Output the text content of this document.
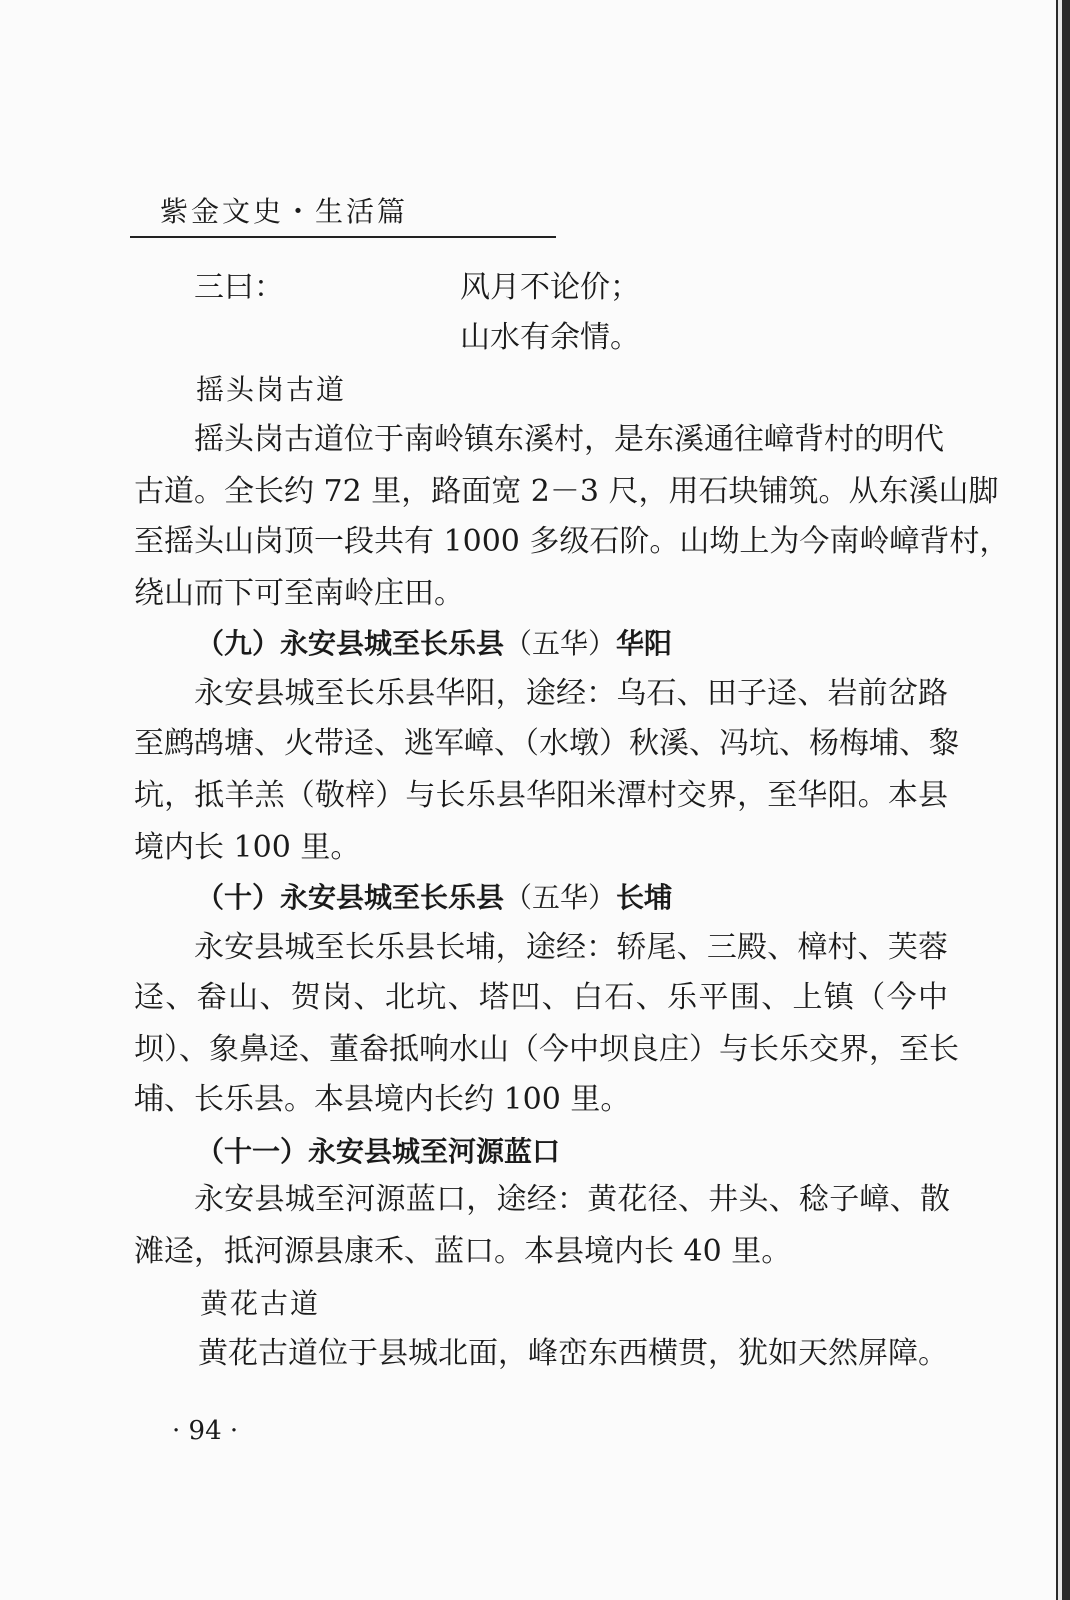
紫金文史・生活篇
三曰：	风月不论价；
山水有余情。
摇头岗古道
摇头岗古道位于南岭镇东溪村，是东溪通往嶂背村的明代
古道。全长约 72 里，路面宽 2－3 尺，用石块铺筑。从东溪山脚
至摇头山岗顶一段共有 1000 多级石阶。山坳上为今南岭嶂背村，
绕山而下可至南岭庄田。
（九）永安县城至长乐县（五华）华阳
永安县城至长乐县华阳，途经：乌石、田子迳、岩前岔路
至鹧鸪塘、火带迳、逃军嶂、（水墩）秋溪、冯坑、杨梅埔、黎
坑，抵羊羔（敬梓）与长乐县华阳米潭村交界，至华阳。本县
境内长 100 里。
（十）永安县城至长乐县（五华）长埔
永安县城至长乐县长埔，途经：轿尾、三殿、樟村、芙蓉
迳、畚山、贺岗、北坑、塔凹、白石、乐平围、上镇（今中
坝）、象鼻迳、董畚抵响水山（今中坝良庄）与长乐交界，至长
埔、长乐县。本县境内长约 100 里。
（十一）永安县城至河源蓝口
永安县城至河源蓝口，途经：黄花径、井头、稔子嶂、散
滩迳，抵河源县康禾、蓝口。本县境内长 40 里。
黄花古道
黄花古道位于县城北面，峰峦东西横贯，犹如天然屏障。
· 94 ·
